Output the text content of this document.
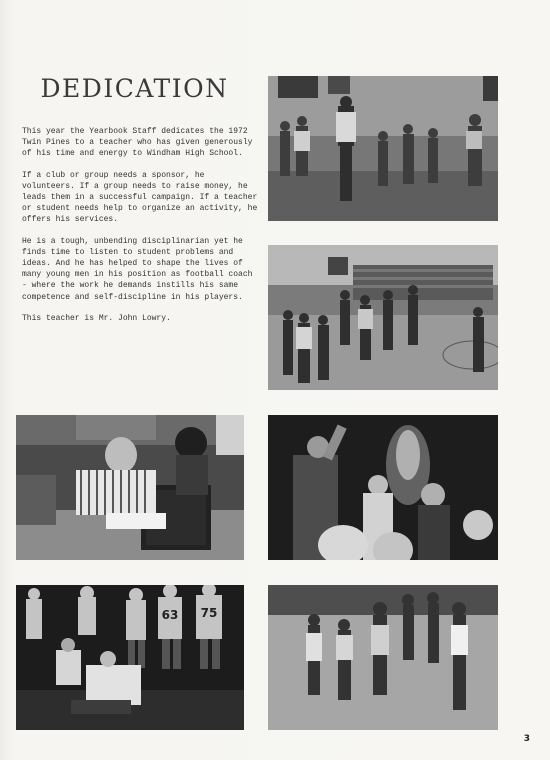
DEDICATION

This year the Yearbook Staff dedicates the 1972 Twin Pines to a teacher who has given generously of his time and energy to Windham High School.

If a club or group needs a sponsor, he volunteers. If a group needs to raise money, he leads them in a successful campaign. If a teacher or student needs help to organize an activity, he offers his services.

He is a tough, unbending disciplinarian yet he finds time to listen to student problems and ideas. And he has helped to shape the lives of many young men in his position as football coach - where the work he demands instills his same competence and self-discipline in his players.

This teacher is Mr. John Lowry.

63 75
3
